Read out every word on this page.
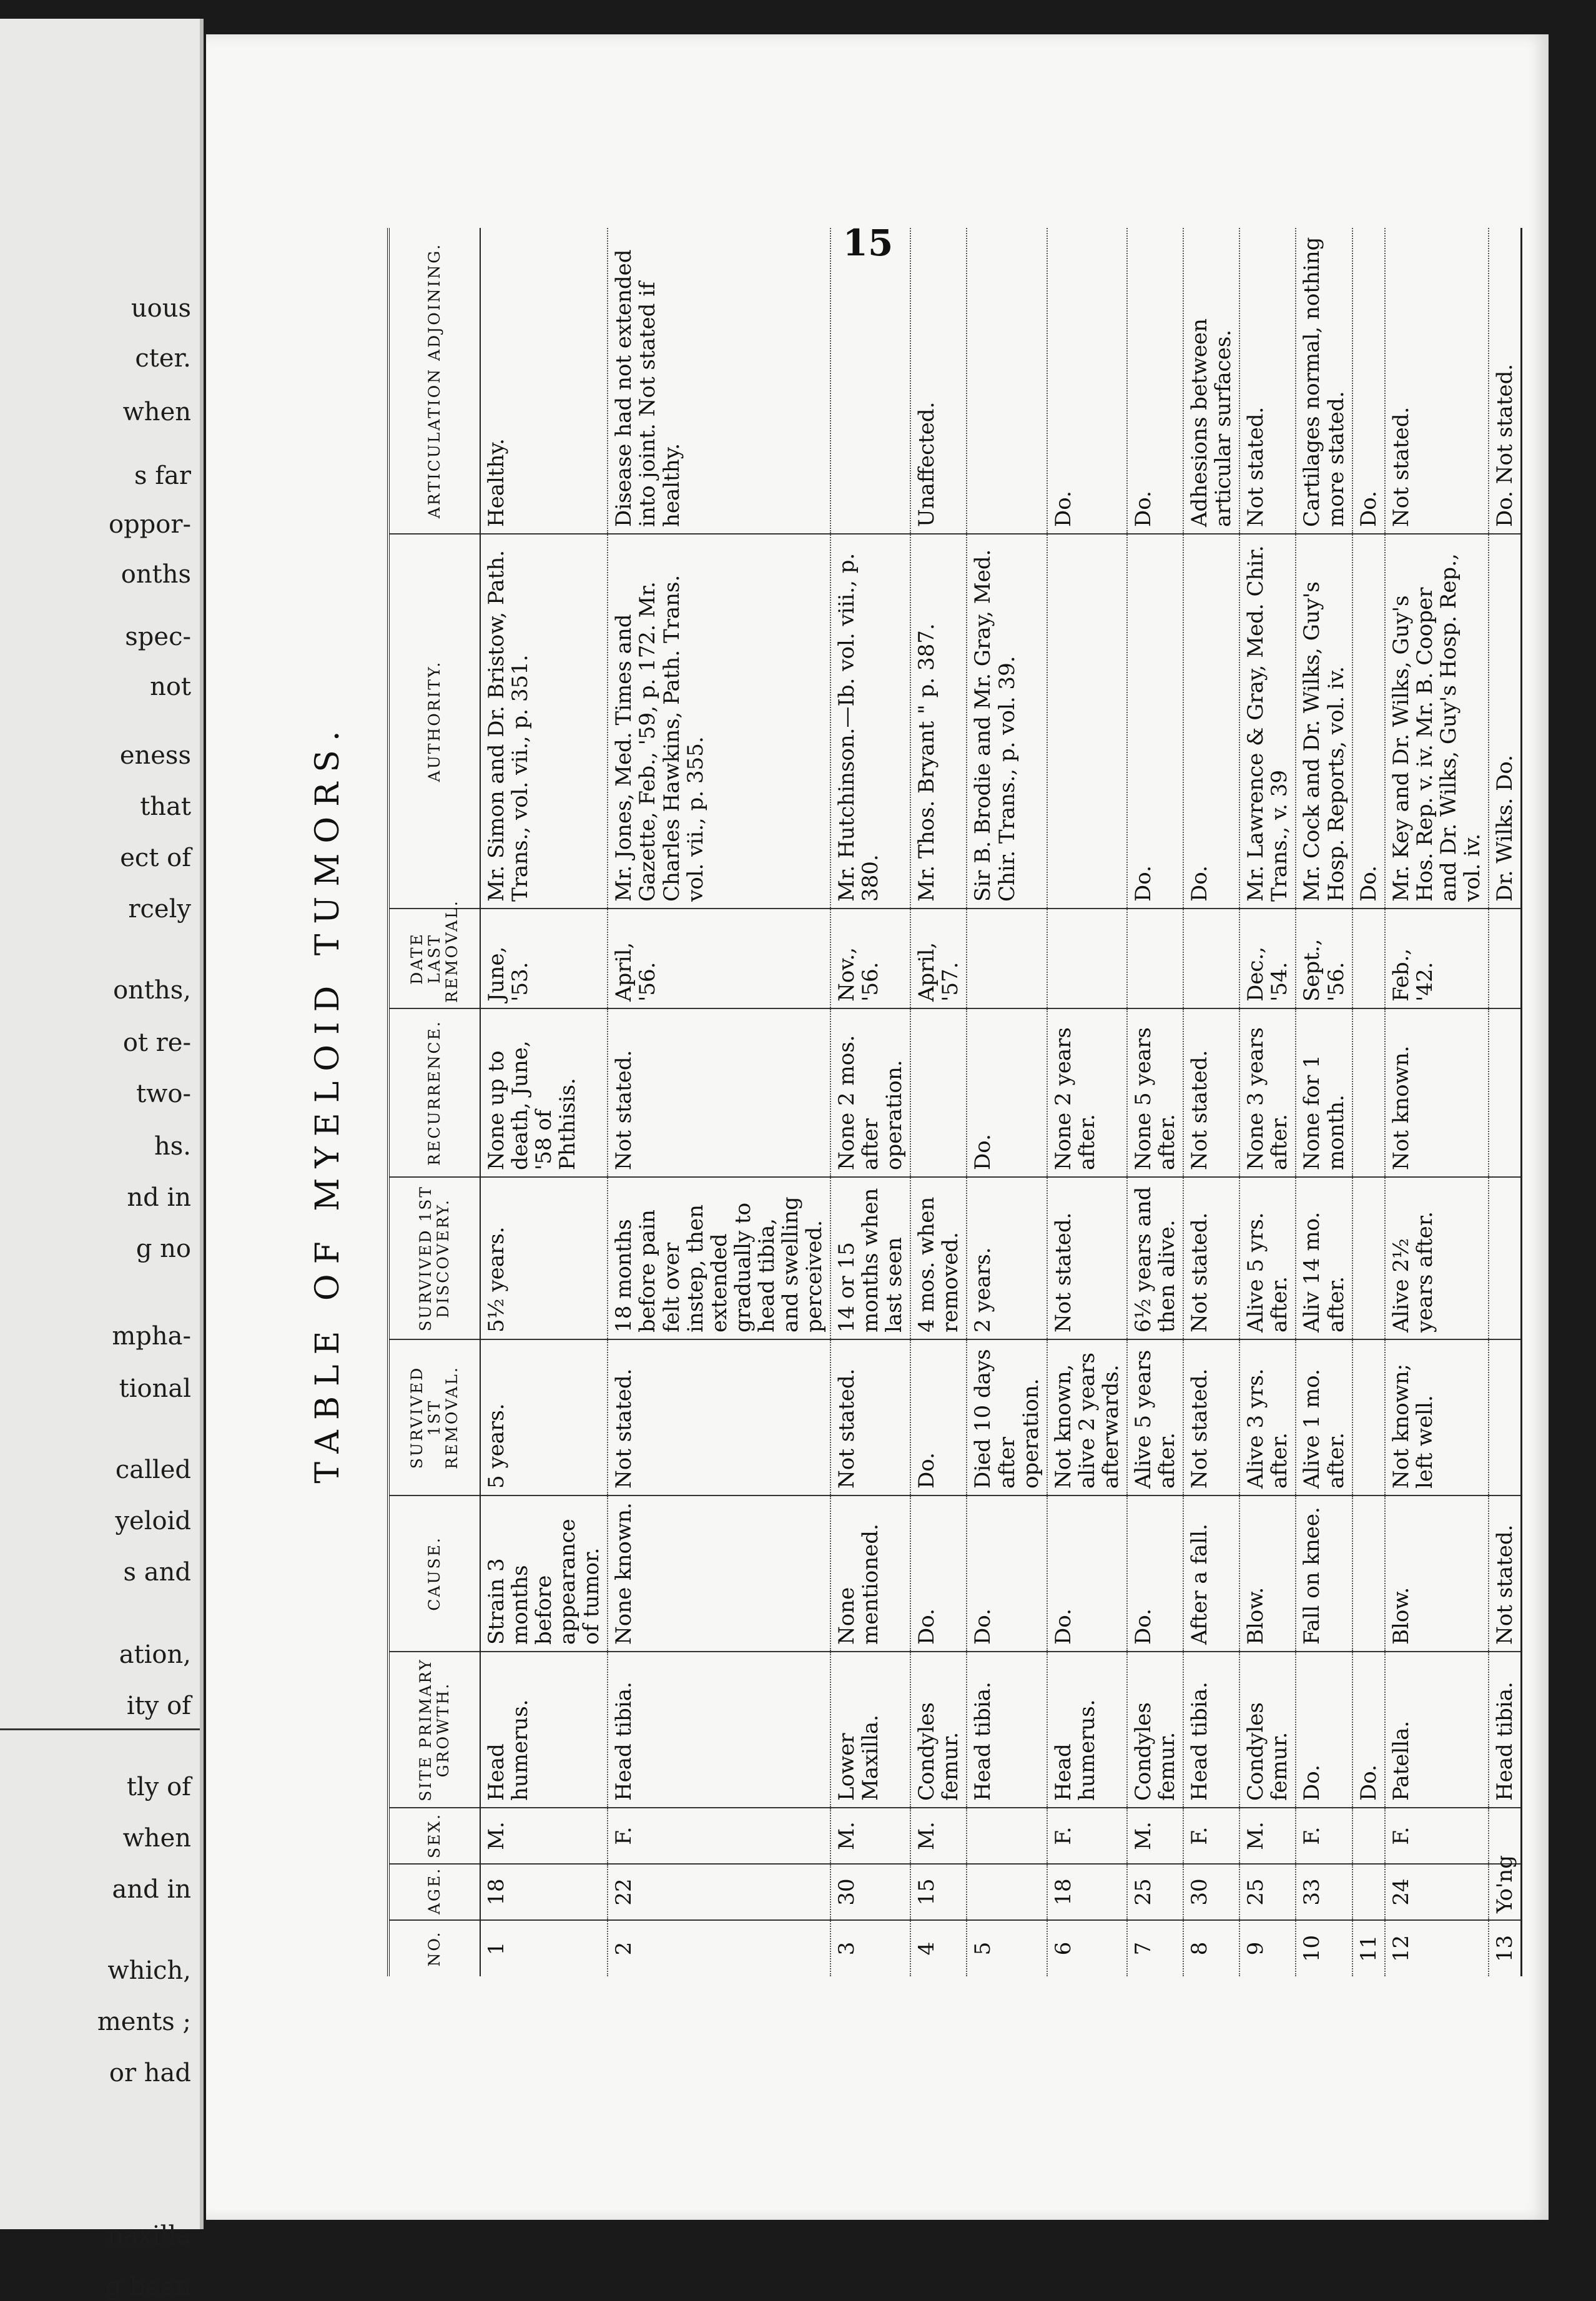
uous
cter.
when
s far
oppor-
onths
spec-
not
eness
that
ect of
rcely
onths,
ot re-
two-
hs.
nd in
g no
mpha-
tional
called
yeloid
s and
ation,
ity of
tly of
when
and in
which,
ments ;
or had
naxilla
g been
15
TABLE OF MYELOID TUMORS.
NO.	AGE.	SEX.	SITE PRIMARY GROWTH.	CAUSE.	SURVIVED 1ST REMOVAL.	SURVIVED 1ST DISCOVERY.	RECURRENCE.	DATE LAST REMOVAL.	AUTHORITY.	ARTICULATION ADJOINING.
1	18	M.	Head humerus.	Strain 3 months before appearance of tumor.	5 years.	5½ years.	None up to death, June, '58 of Phthisis.	June, '53.	Mr. Simon and Dr. Bristow, Path. Trans., vol. vii., p. 351.	Healthy.
2	22	F.	Head tibia.	None known.	Not stated.	18 months before pain felt over instep, then extended gradually to head tibia, and swelling perceived.	Not stated.	April, '56.	Mr. Jones, Med. Times and Gazette, Feb., '59, p. 172. Mr. Charles Hawkins, Path. Trans. vol. vii., p. 355.	Disease had not extended into joint. Not stated if healthy.
3	30	M.	Lower Maxilla.	None mentioned.	Not stated.	14 or 15 months when last seen	None 2 mos. after operation.	Nov., '56.	Mr. Hutchinson.—Ib. vol. viii., p. 380.	
4	15	M.	Condyles femur.	Do.	Do.	4 mos. when removed.		April, '57.	Mr. Thos. Bryant " p. 387.	Unaffected.
5			Head tibia.	Do.	Died 10 days after operation.	2 years.	Do.		Sir B. Brodie and Mr. Gray, Med. Chir. Trans., p. vol. 39.	
6	18	F.	Head humerus.	Do.	Not known, alive 2 years afterwards.	Not stated.	None 2 years after.			Do.
7	25	M.	Condyles femur.	Do.	Alive 5 years after.	6½ years and then alive.	None 5 years after.		Do.	Do.
8	30	F.	Head tibia.	After a fall.	Not stated.	Not stated.	Not stated.		Do.	Adhesions between articular surfaces.
9	25	M.	Condyles femur.	Blow.	Alive 3 yrs. after.	Alive 5 yrs. after.	None 3 years after.	Dec., '54.	Mr. Lawrence & Gray, Med. Chir. Trans., v. 39	Not stated.
10	33	F.	Do.	Fall on knee.	Alive 1 mo. after.	Aliv 14 mo. after.	None for 1 month.	Sept., '56.	Mr. Cock and Dr. Wilks, Guy's Hosp. Reports, vol. iv.	Cartilages normal, nothing more stated.
11			Do.						Do.	Do.
12	24	F.	Patella.	Blow.	Not known; left well.	Alive 2½ years after.	Not known.	Feb., '42.	Mr. Key and Dr. Wilks, Guy's Hos. Rep. v. iv. Mr. B. Cooper and Dr. Wilks, Guy's Hosp. Rep., vol. iv.	Not stated.
13	Yo'ng		Head tibia.	Not stated.					Dr. Wilks. Do.	Do. Not stated.
